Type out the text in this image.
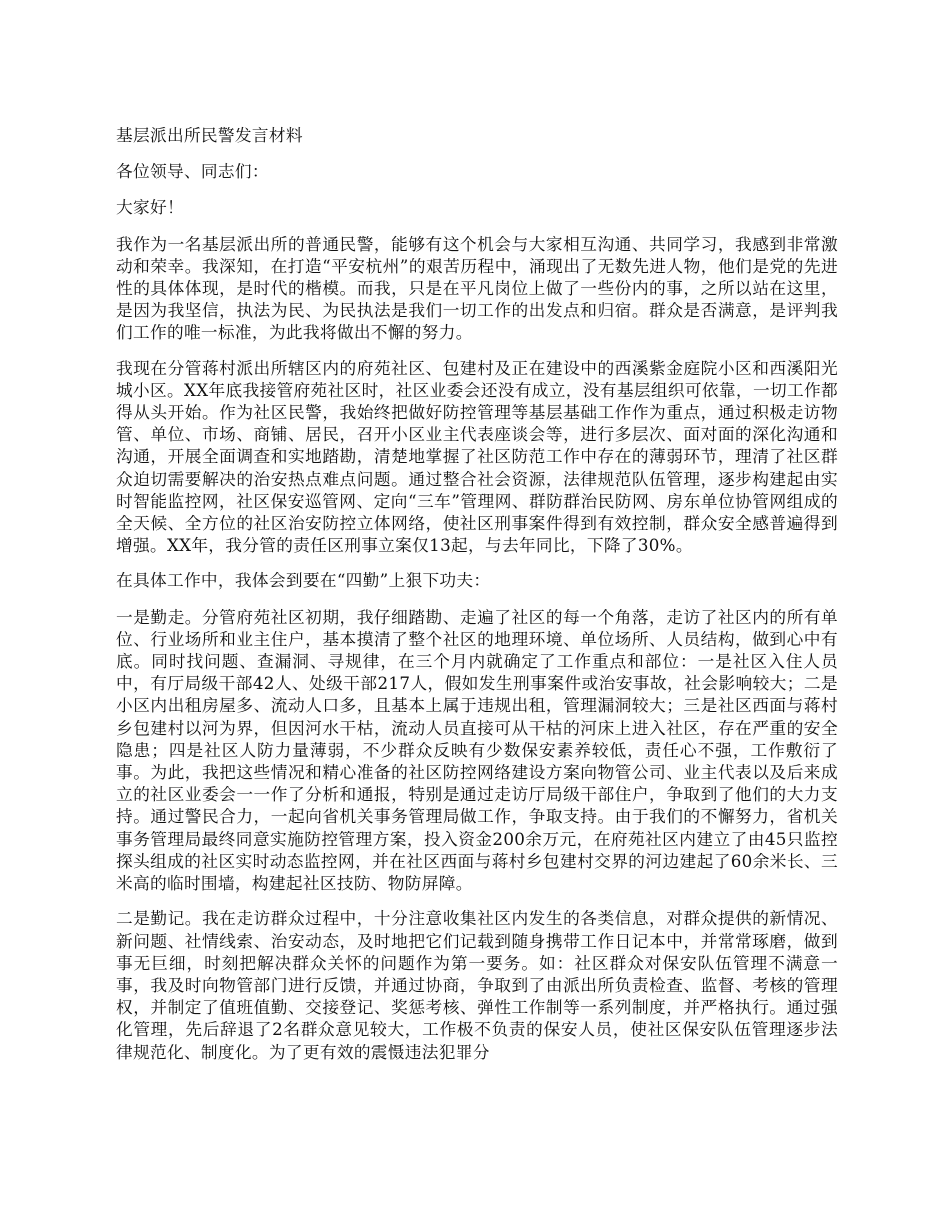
基层派出所民警发言材料

各位领导、同志们：

大家好！

我作为一名基层派出所的普通民警，能够有这个机会与大家相互沟通、共同学习，我感到非常激动和荣幸。我深知，在打造“平安杭州”的艰苦历程中，涌现出了无数先进人物，他们是党的先进性的具体体现，是时代的楷模。而我，只是在平凡岗位上做了一些份内的事，之所以站在这里，是因为我坚信，执法为民、为民执法是我们一切工作的出发点和归宿。群众是否满意，是评判我们工作的唯一标准，为此我将做出不懈的努力。

我现在分管蒋村派出所辖区内的府苑社区、包建村及正在建设中的西溪紫金庭院小区和西溪阳光城小区。XX年底我接管府苑社区时，社区业委会还没有成立，没有基层组织可依靠，一切工作都得从头开始。作为社区民警，我始终把做好防控管理等基层基础工作作为重点，通过积极走访物管、单位、市场、商铺、居民，召开小区业主代表座谈会等，进行多层次、面对面的深化沟通和沟通，开展全面调查和实地踏勘，清楚地掌握了社区防范工作中存在的薄弱环节，理清了社区群众迫切需要解决的治安热点难点问题。通过整合社会资源，法律规范队伍管理，逐步构建起由实时智能监控网，社区保安巡管网、定向“三车”管理网、群防群治民防网、房东单位协管网组成的全天候、全方位的社区治安防控立体网络，使社区刑事案件得到有效控制，群众安全感普遍得到增强。XX年，我分管的责任区刑事立案仅13起，与去年同比，下降了30%。

在具体工作中，我体会到要在“四勤”上狠下功夫：

一是勤走。分管府苑社区初期，我仔细踏勘、走遍了社区的每一个角落，走访了社区内的所有单位、行业场所和业主住户，基本摸清了整个社区的地理环境、单位场所、人员结构，做到心中有底。同时找问题、查漏洞、寻规律，在三个月内就确定了工作重点和部位：一是社区入住人员中，有厅局级干部42人、处级干部217人，假如发生刑事案件或治安事故，社会影响较大；二是小区内出租房屋多、流动人口多，且基本上属于违规出租，管理漏洞较大；三是社区西面与蒋村乡包建村以河为界，但因河水干枯，流动人员直接可从干枯的河床上进入社区，存在严重的安全隐患；四是社区人防力量薄弱，不少群众反映有少数保安素养较低，责任心不强，工作敷衍了事。为此，我把这些情况和精心准备的社区防控网络建设方案向物管公司、业主代表以及后来成立的社区业委会一一作了分析和通报，特别是通过走访厅局级干部住户，争取到了他们的大力支持。通过警民合力，一起向省机关事务管理局做工作，争取支持。由于我们的不懈努力，省机关事务管理局最终同意实施防控管理方案，投入资金200余万元，在府苑社区内建立了由45只监控探头组成的社区实时动态监控网，并在社区西面与蒋村乡包建村交界的河边建起了60余米长、三米高的临时围墙，构建起社区技防、物防屏障。

二是勤记。我在走访群众过程中，十分注意收集社区内发生的各类信息，对群众提供的新情况、新问题、社情线索、治安动态，及时地把它们记载到随身携带工作日记本中，并常常琢磨，做到事无巨细，时刻把解决群众关怀的问题作为第一要务。如：社区群众对保安队伍管理不满意一事，我及时向物管部门进行反馈，并通过协商，争取到了由派出所负责检查、监督、考核的管理权，并制定了值班值勤、交接登记、奖惩考核、弹性工作制等一系列制度，并严格执行。通过强化管理，先后辞退了2名群众意见较大，工作极不负责的保安人员，使社区保安队伍管理逐步法律规范化、制度化。为了更有效的震慑违法犯罪分
